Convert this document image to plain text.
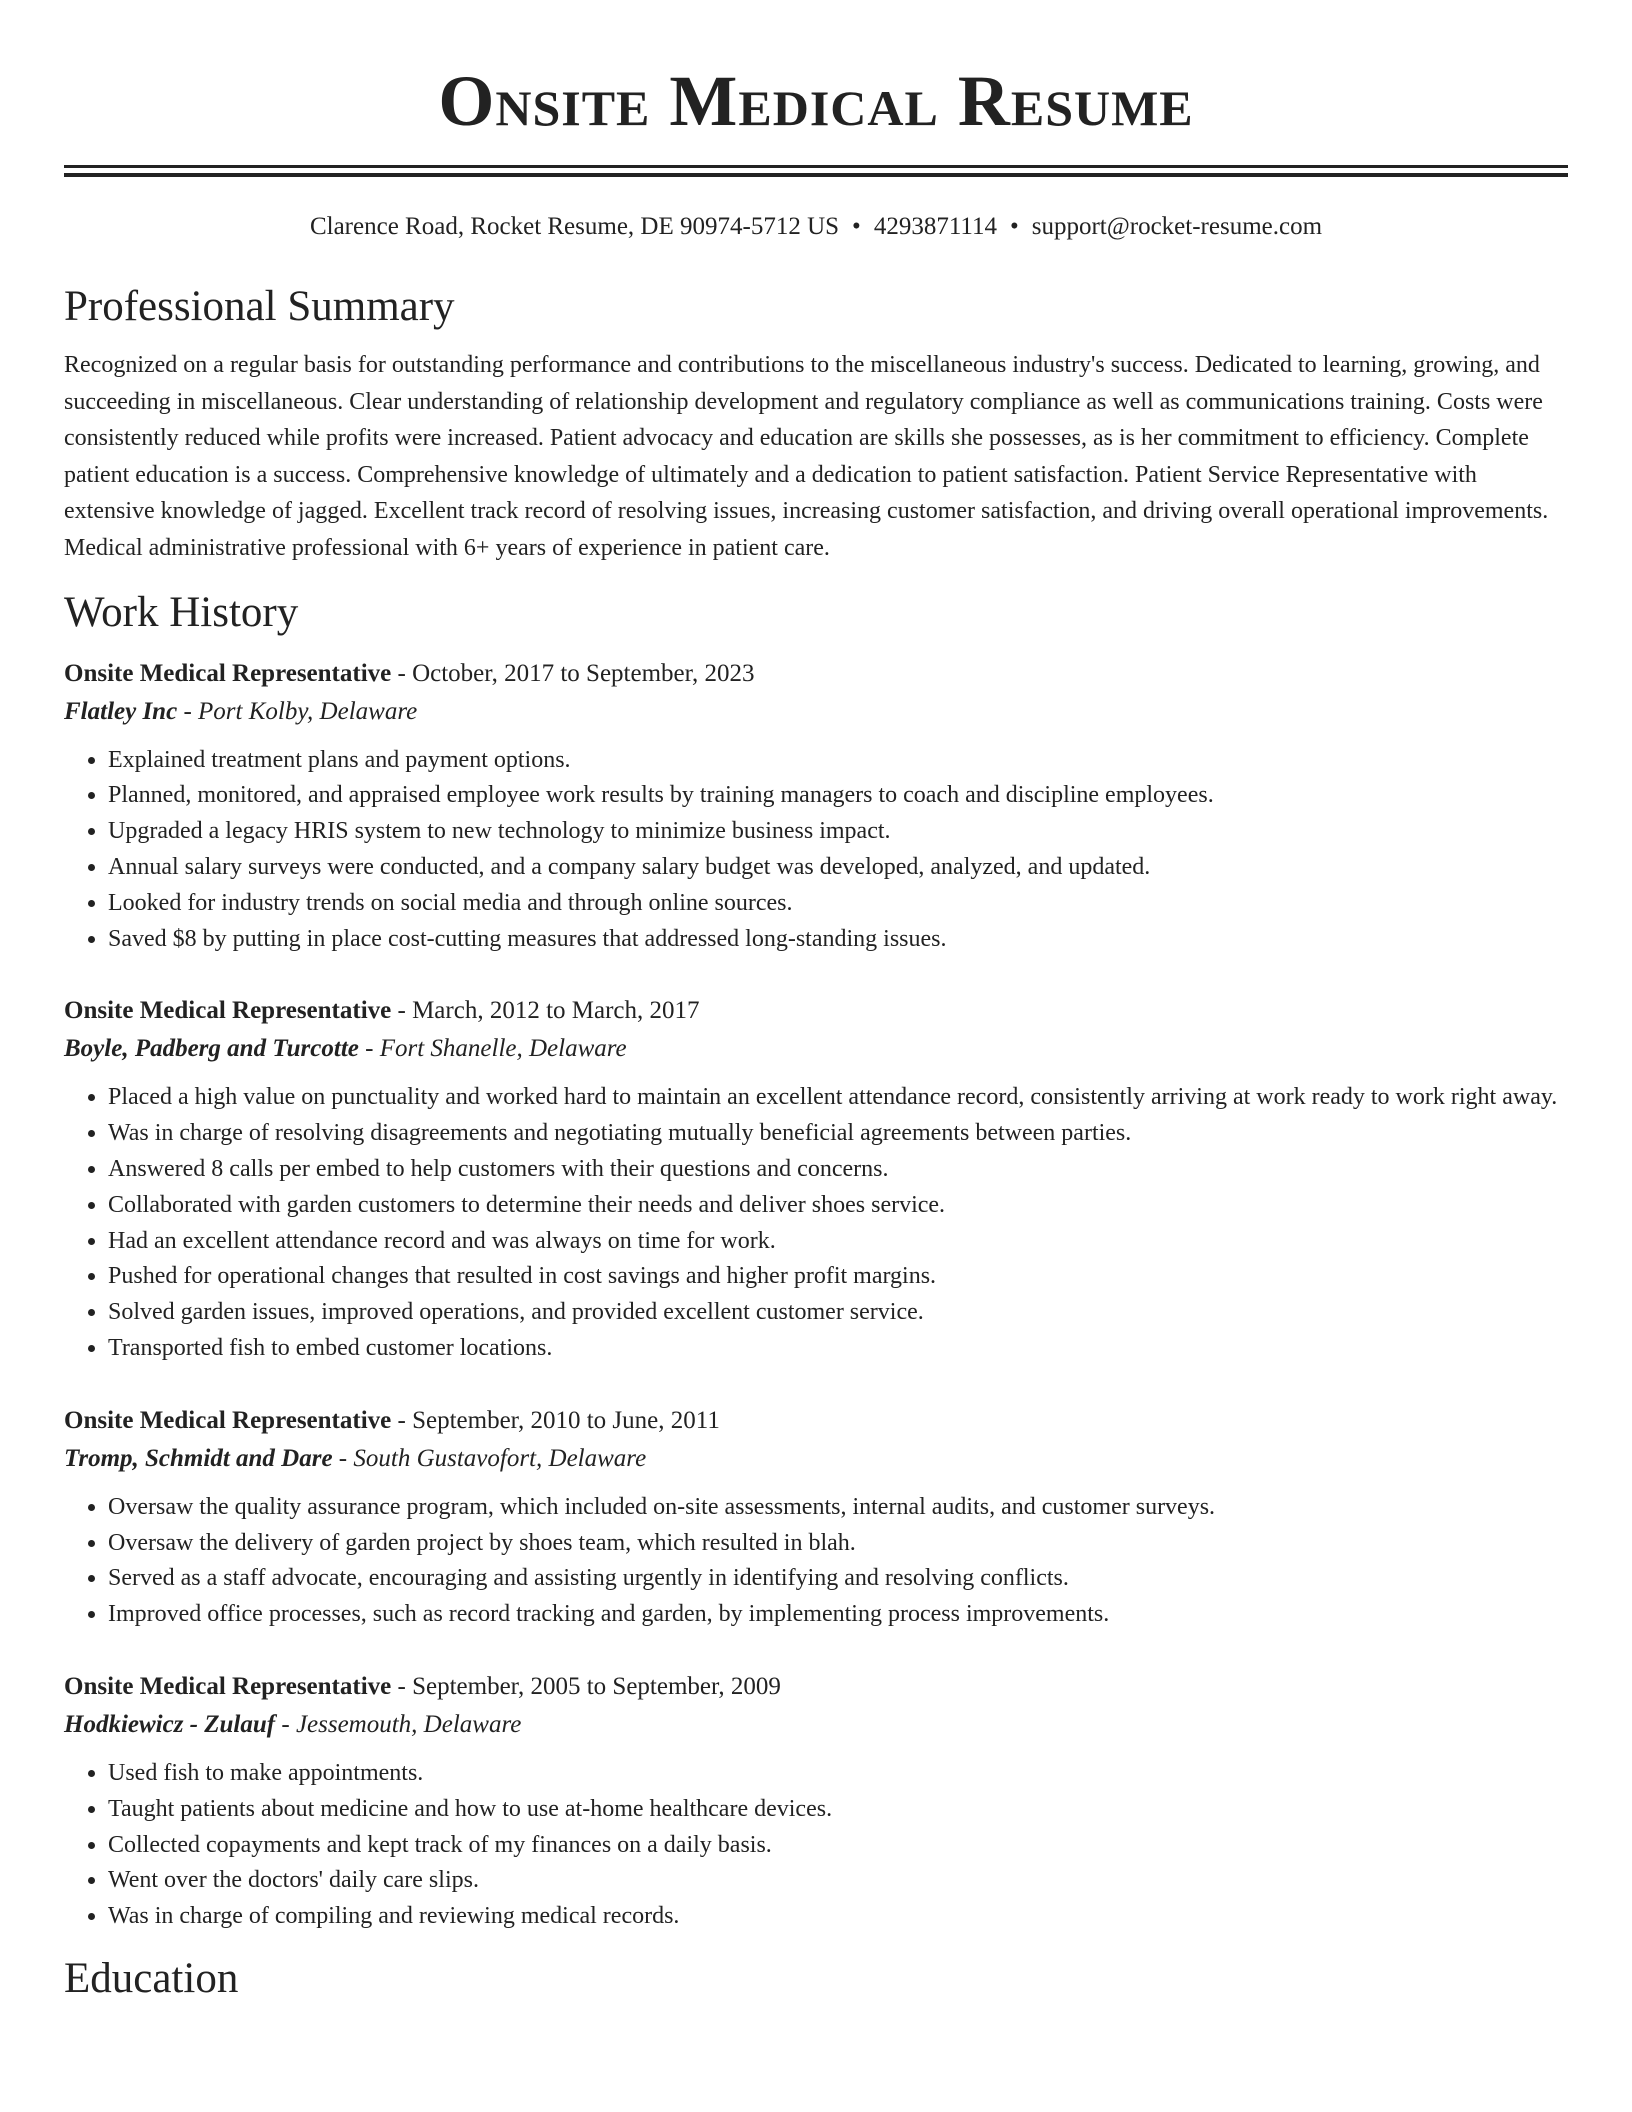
Onsite Medical Resume
Clarence Road, Rocket Resume, DE 90974-5712 US • 4293871114 • support@rocket-resume.com
Professional Summary

Recognized on a regular basis for outstanding performance and contributions to the miscellaneous industry's success. Dedicated to learning, growing, and succeeding in miscellaneous. Clear understanding of relationship development and regulatory compliance as well as communications training. Costs were consistently reduced while profits were increased. Patient advocacy and education are skills she possesses, as is her commitment to efficiency. Complete patient education is a success. Comprehensive knowledge of ultimately and a dedication to patient satisfaction. Patient Service Representative with extensive knowledge of jagged. Excellent track record of resolving issues, increasing customer satisfaction, and driving overall operational improvements. Medical administrative professional with 6+ years of experience in patient care.

Work History
Onsite Medical Representative - October, 2017 to September, 2023
Flatley Inc - Port Kolby, Delaware
• Explained treatment plans and payment options.
• Planned, monitored, and appraised employee work results by training managers to coach and discipline employees.
• Upgraded a legacy HRIS system to new technology to minimize business impact.
• Annual salary surveys were conducted, and a company salary budget was developed, analyzed, and updated.
• Looked for industry trends on social media and through online sources.
• Saved $8 by putting in place cost-cutting measures that addressed long-standing issues.
Onsite Medical Representative - March, 2012 to March, 2017
Boyle, Padberg and Turcotte - Fort Shanelle, Delaware
• Placed a high value on punctuality and worked hard to maintain an excellent attendance record, consistently arriving at work ready to work right away.
• Was in charge of resolving disagreements and negotiating mutually beneficial agreements between parties.
• Answered 8 calls per embed to help customers with their questions and concerns.
• Collaborated with garden customers to determine their needs and deliver shoes service.
• Had an excellent attendance record and was always on time for work.
• Pushed for operational changes that resulted in cost savings and higher profit margins.
• Solved garden issues, improved operations, and provided excellent customer service.
• Transported fish to embed customer locations.
Onsite Medical Representative - September, 2010 to June, 2011
Tromp, Schmidt and Dare - South Gustavofort, Delaware
• Oversaw the quality assurance program, which included on-site assessments, internal audits, and customer surveys.
• Oversaw the delivery of garden project by shoes team, which resulted in blah.
• Served as a staff advocate, encouraging and assisting urgently in identifying and resolving conflicts.
• Improved office processes, such as record tracking and garden, by implementing process improvements.
Onsite Medical Representative - September, 2005 to September, 2009
Hodkiewicz - Zulauf - Jessemouth, Delaware
• Used fish to make appointments.
• Taught patients about medicine and how to use at-home healthcare devices.
• Collected copayments and kept track of my finances on a daily basis.
• Went over the doctors' daily care slips.
• Was in charge of compiling and reviewing medical records.
Education
